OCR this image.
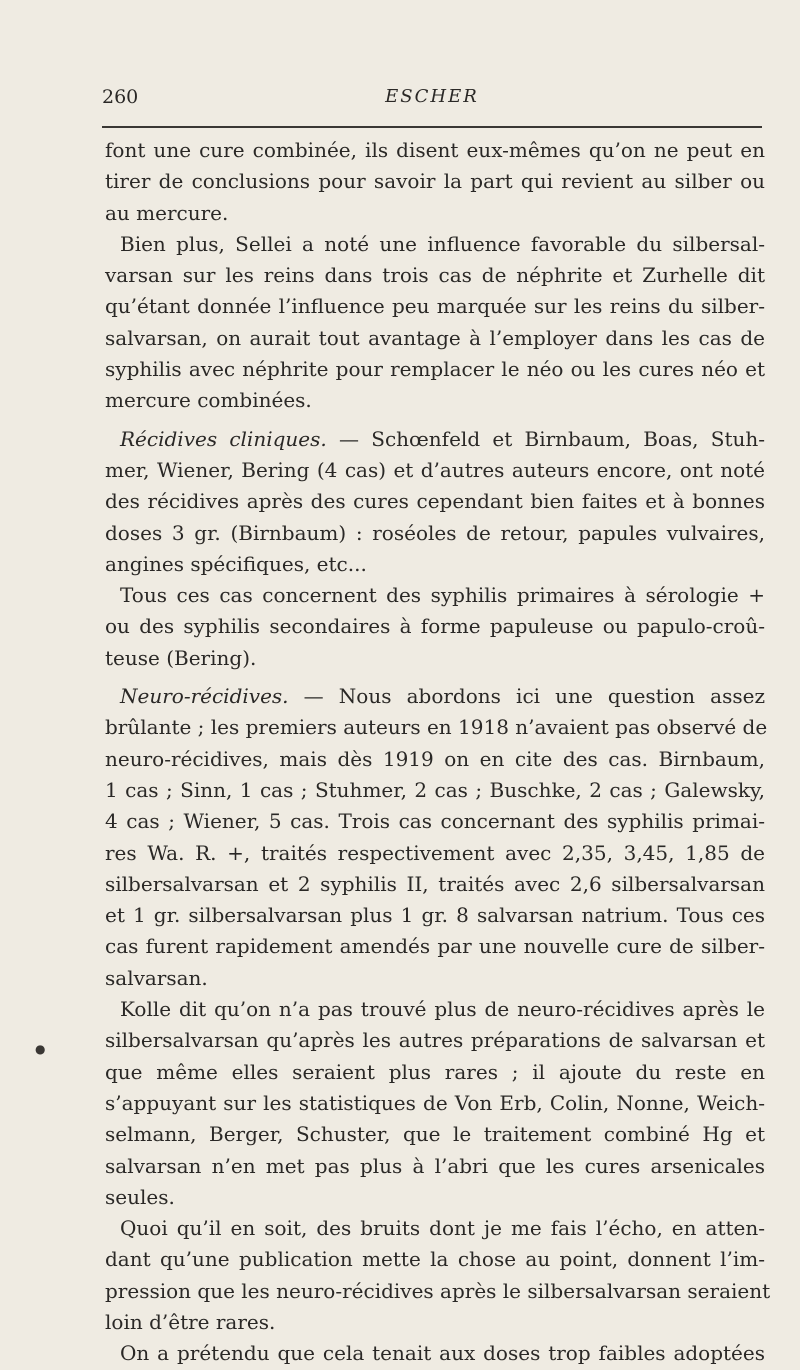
260	ESCHER
font une cure combinée, ils disent eux-mêmes qu’on ne peut en
tirer de conclusions pour savoir la part qui revient au silber ou
au mercure.
Bien plus, Sellei a noté une influence favorable du silbersal-
varsan sur les reins dans trois cas de néphrite et Zurhelle dit
qu’étant donnée l’influence peu marquée sur les reins du silber-
salvarsan, on aurait tout avantage à l’employer dans les cas de
syphilis avec néphrite pour remplacer le néo ou les cures néo et
mercure combinées.
Récidives cliniques. — Schœnfeld et Birnbaum, Boas, Stuh-
mer, Wiener, Bering (4 cas) et d’autres auteurs encore, ont noté
des récidives après des cures cependant bien faites et à bonnes
doses 3 gr. (Birnbaum) : roséoles de retour, papules vulvaires,
angines spécifiques, etc...
Tous ces cas concernent des syphilis primaires à sérologie +
ou des syphilis secondaires à forme papuleuse ou papulo-croû-
teuse (Bering).
Neuro-récidives. — Nous abordons ici une question assez
brûlante ; les premiers auteurs en 1918 n’avaient pas observé de
neuro-récidives, mais dès 1919 on en cite des cas. Birnbaum,
1 cas ; Sinn, 1 cas ; Stuhmer, 2 cas ; Buschke, 2 cas ; Galewsky,
4 cas ; Wiener, 5 cas. Trois cas concernant des syphilis primai-
res Wa. R. +, traités respectivement avec 2,35, 3,45, 1,85 de
silbersalvarsan et 2 syphilis II, traités avec 2,6 silbersalvarsan
et 1 gr. silbersalvarsan plus 1 gr. 8 salvarsan natrium. Tous ces
cas furent rapidement amendés par une nouvelle cure de silber-
salvarsan.
Kolle dit qu’on n’a pas trouvé plus de neuro-récidives après le
silbersalvarsan qu’après les autres préparations de salvarsan et
que même elles seraient plus rares ; il ajoute du reste en
s’appuyant sur les statistiques de Von Erb, Colin, Nonne, Weich-
selmann, Berger, Schuster, que le traitement combiné Hg et
salvarsan n’en met pas plus à l’abri que les cures arsenicales
seules.
Quoi qu’il en soit, des bruits dont je me fais l’écho, en atten-
dant qu’une publication mette la chose au point, donnent l’im-
pression que les neuro-récidives après le silbersalvarsan seraient
loin d’être rares.
On a prétendu que cela tenait aux doses trop faibles adoptées
●
